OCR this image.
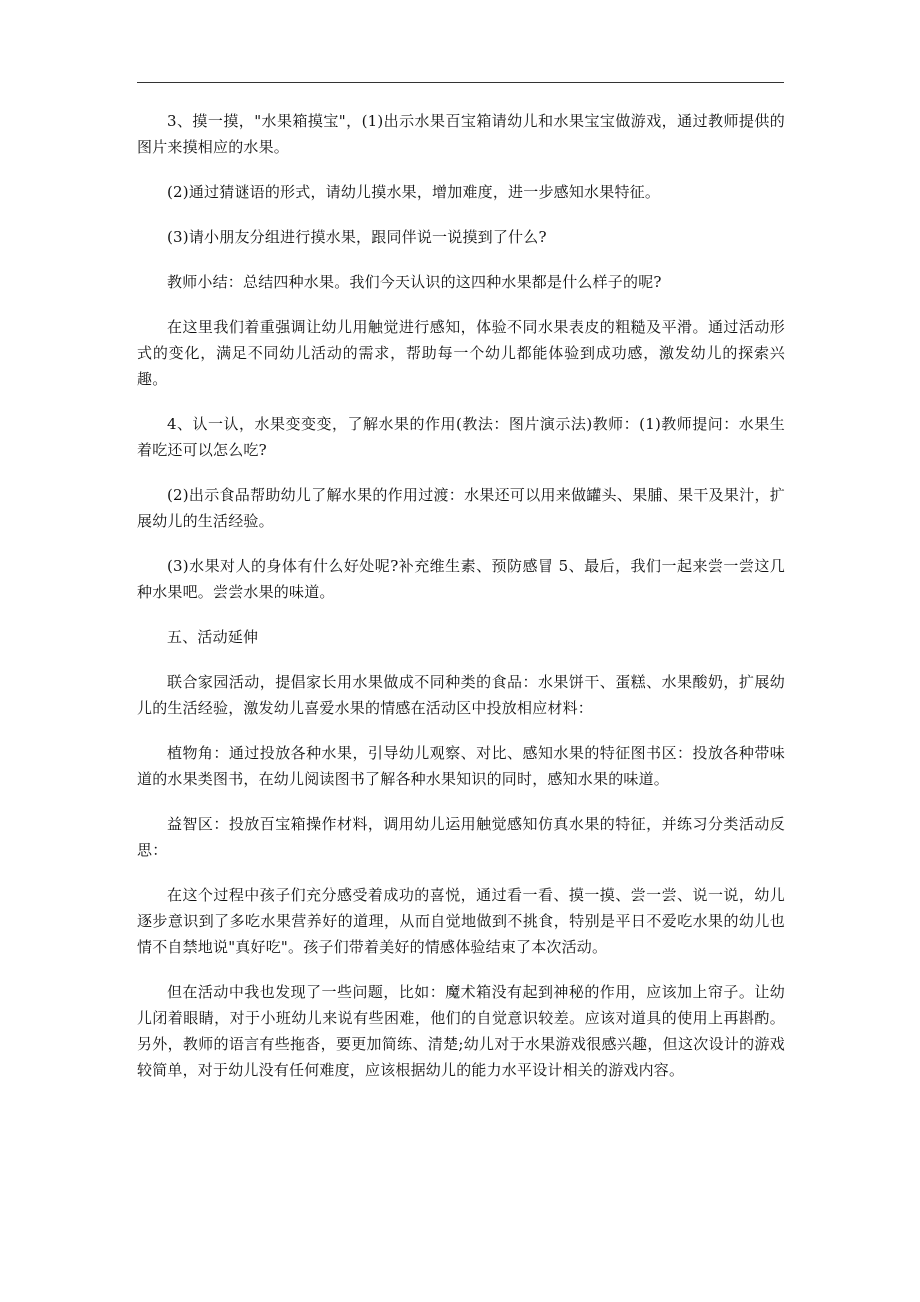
3、摸一摸，"水果箱摸宝"，(1)出示水果百宝箱请幼儿和水果宝宝做游戏，通过教师提供的图片来摸相应的水果。

(2)通过猜谜语的形式，请幼儿摸水果，增加难度，进一步感知水果特征。

(3)请小朋友分组进行摸水果，跟同伴说一说摸到了什么?

教师小结：总结四种水果。我们今天认识的这四种水果都是什么样子的呢?

在这里我们着重强调让幼儿用触觉进行感知，体验不同水果表皮的粗糙及平滑。通过活动形式的变化，满足不同幼儿活动的需求，帮助每一个幼儿都能体验到成功感，激发幼儿的探索兴趣。

4、认一认，水果变变变，了解水果的作用(教法：图片演示法)教师：(1)教师提问：水果生着吃还可以怎么吃?

(2)出示食品帮助幼儿了解水果的作用过渡：水果还可以用来做罐头、果脯、果干及果汁，扩展幼儿的生活经验。

(3)水果对人的身体有什么好处呢?补充维生素、预防感冒 5、最后，我们一起来尝一尝这几种水果吧。尝尝水果的味道。

五、活动延伸

联合家园活动，提倡家长用水果做成不同种类的食品：水果饼干、蛋糕、水果酸奶，扩展幼儿的生活经验，激发幼儿喜爱水果的情感在活动区中投放相应材料：

植物角：通过投放各种水果，引导幼儿观察、对比、感知水果的特征图书区：投放各种带味道的水果类图书，在幼儿阅读图书了解各种水果知识的同时，感知水果的味道。

益智区：投放百宝箱操作材料，调用幼儿运用触觉感知仿真水果的特征，并练习分类活动反思：

在这个过程中孩子们充分感受着成功的喜悦，通过看一看、摸一摸、尝一尝、说一说，幼儿逐步意识到了多吃水果营养好的道理，从而自觉地做到不挑食，特别是平日不爱吃水果的幼儿也情不自禁地说"真好吃"。孩子们带着美好的情感体验结束了本次活动。

但在活动中我也发现了一些问题，比如：魔术箱没有起到神秘的作用，应该加上帘子。让幼儿闭着眼睛，对于小班幼儿来说有些困难，他们的自觉意识较差。应该对道具的使用上再斟酌。另外，教师的语言有些拖沓，要更加简练、清楚;幼儿对于水果游戏很感兴趣，但这次设计的游戏较简单，对于幼儿没有任何难度，应该根据幼儿的能力水平设计相关的游戏内容。
